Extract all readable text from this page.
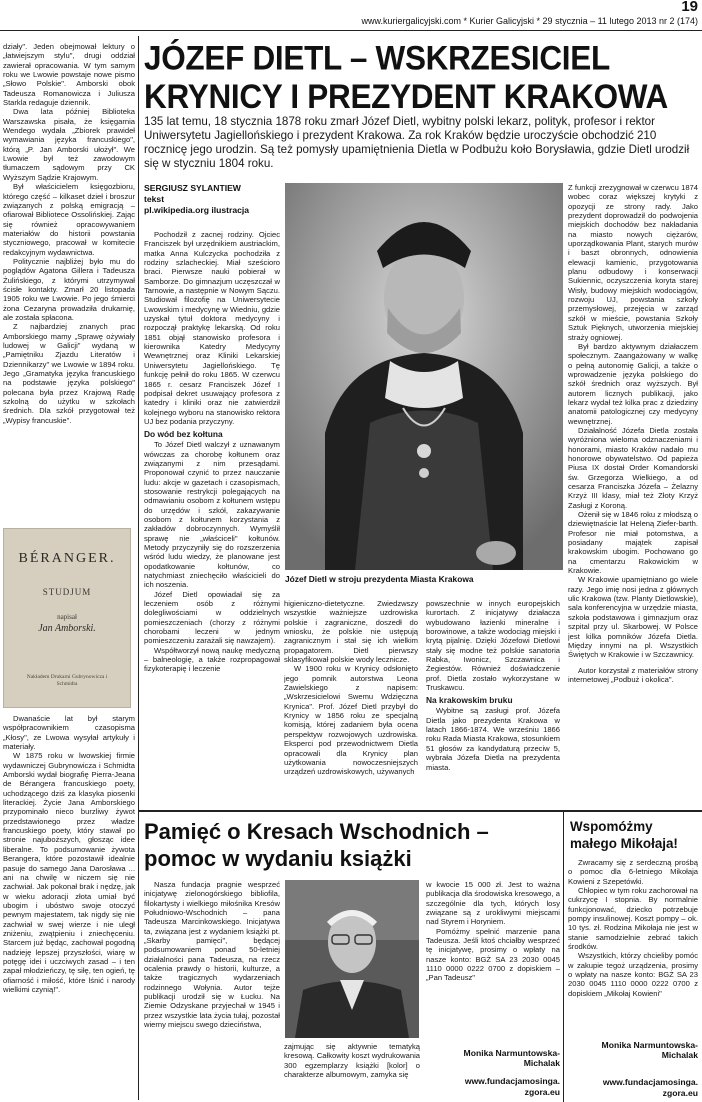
19
www.kuriergalicyjski.com * Kurier Galicyjski * 29 stycznia – 11 lutego 2013 nr 2 (174)

działy". Jeden obejmował lektury o „łatwiejszym stylu", drugi oddział zawierał opracowania. W tym samym roku we Lwowie powstaje nowe pismo „Słowo Polskie". Amborski obok Tadeusza Romanowicza i Juliusza Starkla redaguje dziennik.

Dwa lata później Biblioteka Warszawska pisała, że księgarnia Wendego wydała „Zbiorek prawideł wymawiania języka francuskiego", którą „P. Jan Amborski ułożył". We Lwowie był też zawodowym tłumaczem sądowym przy CK Wyższym Sądzie Krajowym.

Był właścicielem księgozbioru, którego część – kilkaset dzieł i broszur związanych z polską emigracją – ofiarował Bibliotece Ossolińskiej. Zając się również opracowywaniem materiałów do historii powstania styczniowego, pracował w komitecie redakcyjnym wydawnictwa.

Politycznie najbliżej było mu do poglądów Agatona Gillera i Tadeusza Żulińskiego, z którymi utrzymywał ścisłe kontakty. Zmarł 20 listopada 1905 roku we Lwowie. Po jego śmierci żona Cezaryna prowadziła drukarnię, ale została spłacona.

Z najbardziej znanych prac Amborskiego mamy „Sprawę ożywiały ludowej w Galicji" wydaną w „Pamiętniku Zjazdu Literatów i Dziennikarzy" we Lwowie w 1894 roku. Jego „Gramatyka języka francuskiego na podstawie języka polskiego" polecana była przez Krajową Radę szkolną do użytku w szkołach średnich. Dla szkół przygotował też „Wypisy francuskie".

BÉRANGER.
STUDJUM
napisał
Jan Amborski.
Nakładem Drukarni Gubrynowicza i Schmidta

Dwanaście lat był starym współpracownikiem czasopisma „Kłosy", ze Lwowa wysyłał artykuły i materiały.

W 1875 roku w lwowskiej firmie wydawniczej Gubrynowicza i Schmidta Amborski wydał biografię Pierra-Jeana de Bérangera francuskiego poety, uchodzącego dziś za klasyka piosenki literackiej. Życie Jana Amborskiego przypominało nieco burzliwy żywot przedstawionego przez władze francuskiego poety, który stawał po stronie najuboższych, głosząc idee liberalne. To podsumowanie żywota Berangera, które pozostawił idealnie pasuje do samego Jana Darosława ... ani na chwilę w niczem się nie zachwiał. Jak pokonał brak i nędzę, jak w wieku adoracji złota umiał być ubogim i ubóstwo swoje otoczyć pewnym majestatem, tak nigdy się nie zachwiał w swej wierze i nie uległ zniżeniu, zwątpieniu i zniechęceniu. Starcem już będąc, zachował pogodną nadzieję lepszej przyszłości, wiarę w potęgę idei i uczciwych zasad – i ten zapał młodzieńczy, tę siłę, ten ogień, tę ofiarność i miłość, które lśnić i narody wielkimi czynią!".

JÓZEF DIETL – WSKRZESICIEL KRYNICY I PREZYDENT KRAKOWA
135 lat temu, 18 stycznia 1878 roku zmarł Józef Dietl, wybitny polski lekarz, polityk, profesor i rektor Uniwersytetu Jagiellońskiego i prezydent Krakowa. Za rok Kraków będzie uroczyście obchodzić 210 rocznicę jego urodzin. Są też pomysły upamiętnienia Dietla w Podbużu koło Borysławia, gdzie Dietl urodził się w styczniu 1804 roku.
SERGIUSZ SYLANTIEW
tekst
pl.wikipedia.org ilustracja

Pochodził z zacnej rodziny. Ojciec Franciszek był urzędnikiem austriackim, matka Anna Kulczycka pochodziła z rodziny szlacheckiej. Miał sześcioro braci. Pierwsze nauki pobierał w Samborze. Do gimnazjum uczęszczał w Tarnowie, a następnie w Nowym Sączu. Studiował filozofię na Uniwersytecie Lwowskim i medycynę w Wiedniu, gdzie uzyskał tytuł doktora medycyny i rozpoczął praktykę lekarską. Od roku 1851 objął stanowisko profesora i kierownika Katedry Medycyny Wewnętrznej oraz Kliniki Lekarskiej Uniwersytetu Jagiellońskiego. Tę funkcję pełnił do roku 1865. W czerwcu 1865 r. cesarz Franciszek Józef I podpisał dekret usuwający profesora z katedry i kliniki oraz nie zatwierdził kolejnego wyboru na stanowisko rektora UJ bez podania przyczyny.

Do wód bez kołtuna

To Józef Dietl walczył z uznawanym wówczas za chorobę kołtunem oraz związanymi z nim przesądami. Proponował czynić to przez nauczanie ludu: akcje w gazetach i czasopismach, stosowanie restrykcji polegających na odmawianiu osobom z kołtunem wstępu do urzędów i szkół, zakazywanie osobom z kołtunem korzystania z zakładów dobroczynnych. Wymyślił sprawę nie „właściceli" kołtunów. Metody przyczyniły się do rozszerzenia wśród ludu wiedzy, że planowane jest opodatkowanie kołtunów, co natychmiast zniechęciło właścicieli do ich noszenia.

Józef Dietl opowiadał się za leczeniem osób z różnymi dolegliwościami w oddzielnych pomieszczeniach (chorzy z różnymi chorobami leczeni w jednym pomieszczeniu zarażali się nawzajem).

Współtworzył nową naukę medyczną – balneologię, a także rozpropagował fizykoterapię i leczenie

Józef Dietl w stroju prezydenta Miasta Krakowa

higieniczno-dietetyczne. Zwiedzwszy wszystkie ważniejsze uzdrowiska polskie i zagraniczne, doszedł do wniosku, że polskie nie ustępują zagranicznym i stał się ich wielkim propagatorem. Dietl pierwszy sklasyfikował polskie wody lecznicze.

W 1900 roku w Krynicy odsłonięto jego pomnik autorstwa Leona Zawielskiego z napisem: „Wskrzesicielowi Swemu Wdzięczna Krynica". Prof. Józef Dietl przybył do Krynicy w 1856 roku ze specjalną komisją, której zadaniem była ocena perspektyw rozwojowych uzdrowiska. Eksperci pod przewodnictwem Dietla opracowali dla Krynicy plan użytkowania nowoczesniejszych urządzeń uzdrowiskowych, używanych

powszechnie w innych europejskich kurortach. Z inicjatywy działacza wybudowano łazienki mineralne i borowinowe, a także wodociąg miejski i krytą pijalnię. Dzięki Józefowi Dietlowi stały się modne też polskie sanatoria Rabka, Iwonicz, Szczawnica i Żegiestów. Również doświadczenie prof. Dietla zostało wykorzystane w Truskawcu.

Na krakowskim bruku

Wybitne są zasługi prof. Józefa Dietla jako prezydenta Krakowa w latach 1866-1874. We wrześniu 1866 roku Rada Miasta Krakowa, stosunkiem 51 głosów za kandydaturą przeciw 5, wybrała Józefa Dietla na prezydenta miasta.

Z funkcji zrezygnował w czerwcu 1874 wobec coraz większej krytyki z opozycji ze strony rady. Jako prezydent doprowadził do podwojenia miejskich dochodów bez nakładania na miasto nowych ciężarów, uporządkowania Plant, starych murów i baszt obronnych, odnowienia elewacji kamienic, przygotowania planu odbudowy i konserwacji Sukiennic, oczyszczenia koryta starej Wisły, budowy miejskich wodociągów, rozwoju UJ, powstania szkoły przemysłowej, przejęcia w zarząd szkół w mieście, powstania Szkoły Sztuk Pięknych, utworzenia miejskiej straży ogniowej.

Był bardzo aktywnym działaczem społecznym. Zaangażowany w walkę o pełną autonomię Galicji, a także o wprowadzenie języka polskiego do szkół średnich oraz wyższych. Był autorem licznych publikacji, jako lekarz wydał też kilka prac z dziedziny anatomii patologicznej czy medycyny wewnętrznej.

Działalność Józefa Dietla została wyróżniona wieloma odznaczeniami i honorami, miasto Kraków nadało mu honorowe obywatelstwo. Od papieża Piusa IX dostał Order Komandorski św. Grzegorza Wielkiego, a od cesarza Franciszka Józefa – Żelazny Krzyż III klasy, miał też Złoty Krzyż Zasługi z Koroną.

Ożenił się w 1846 roku z młodszą o dziewiętnaście lat Heleną Ziefer-barth. Profesor nie miał potomstwa, a posiadany majątek zapisał krakowskim ubogim. Pochowano go na cmentarzu Rakowickim w Krakowie.

W Krakowie upamiętniano go wiele razy. Jego imię nosi jedna z głównych ulic Krakowa (tzw. Planty Dietlowskie), sala konferencyjna w urzędzie miasta, szkoła podstawowa i gimnazjum oraz szpital przy ul. Skarbowej. W Polsce jest kilka pomników Józefa Dietla. Między innymi na pl. Wszystkich Świętych w Krakowie i w Szczawnicy.

Autor korzystał z materiałów strony internetowej „Podbuż i okolica".

Pamięć o Kresach Wschodnich – pomoc w wydaniu książki

Nasza fundacja pragnie wesprzeć inicjatywę zielonogórskiego bibliofila, filokartysty i wielkiego miłośnika Kresów Południowo-Wschodnich – pana Tadeusza Marcinkowskiego. Inicjatywa ta, związana jest z wydaniem książki pt. „Skarby pamięci", będącej podsumowaniem ponad 50-letniej działalności pana Tadeusza, na rzecz ocalenia prawdy o historii, kulturze, a także tragicznych wydarzeniach rodzinnego Wołynia. Autor tejże publikacji urodził się w Łucku. Na Ziemie Odzyskane przyjechał w 1945 i przez wszystkie lata życia tułaj, pozostał wierny miejscu swego dzieciństwa,

zajmując się aktywnie tematyką kresową. Całkowity koszt wydrukowania 300 egzemplarzy książki [kolor] o charakterze albumowym, zamyka się

w kwocie 15 000 zł. Jest to ważna publikacja dla środowiska kresowego, a szczególnie dla tych, których losy związane są z urokliwymi miejscami nad Styrem i Horyniem.

Pomóżmy spełnić marzenie pana Tadeusza. Jeśli ktoś chciałby wesprzeć tę inicjatywę, prosimy o wpłaty na nasze konto: BGŻ SA 23 2030 0045 1110 0000 0222 0700 z dopiskiem – „Pan Tadeusz"

Monika Narmuntowska-Michalak
www.fundacjamosinga.
zgora.eu
Wspomóżmy małego Mikołaja!

Zwracamy się z serdeczną prośbą o pomoc dla 6-letniego Mikołaja Kowieni z Szepetówki.

Chłopiec w tym roku zachorował na cukrzycę I stopnia. By normalnie funkcjonować, dziecko potrzebuje pompy insulinowej. Koszt pompy – ok. 10 tys. zł. Rodzina Mikołaja nie jest w stanie samodzielnie zebrać takich środków.

Wszystkich, którzy chcieliby pomóc w zakupie tegoż urządzenia, prosimy o wpłaty na nasze konto: BGŻ SA 23 2030 0045 1110 0000 0222 0700 z dopiskiem „Mikołaj Kowieni"

Monika Narmuntowska-Michalak
www.fundacjamosinga.
zgora.eu
